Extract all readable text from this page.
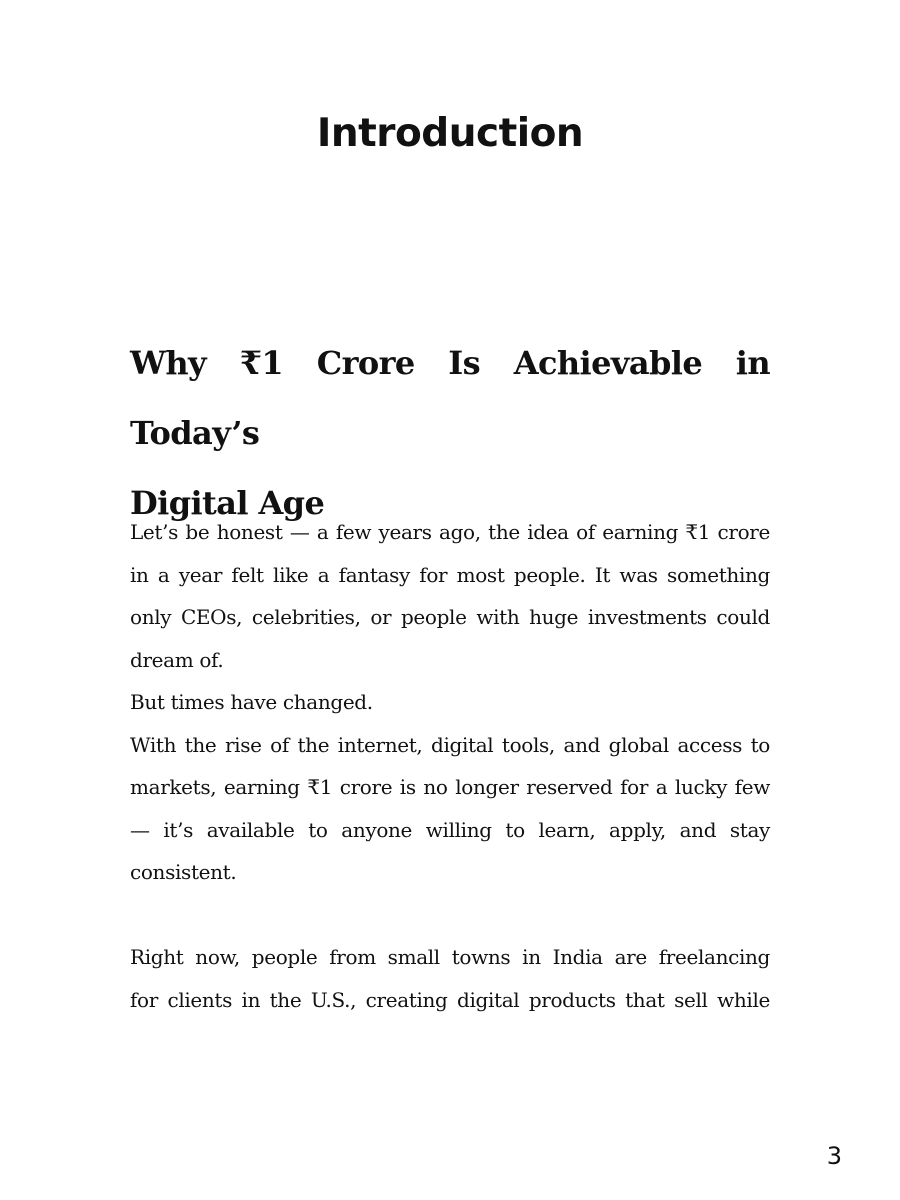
Introduction
Why ₹1 Crore Is Achievable in Today’s
Digital Age
Let’s be honest — a few years ago, the idea of earning ₹1 crore
in a year felt like a fantasy for most people. It was something
only CEOs, celebrities, or people with huge investments could
dream of.
But times have changed.
With the rise of the internet, digital tools, and global access to
markets, earning ₹1 crore is no longer reserved for a lucky few
— it’s available to anyone willing to learn, apply, and stay
consistent.
Right now, people from small towns in India are freelancing
for clients in the U.S., creating digital products that sell while
3
